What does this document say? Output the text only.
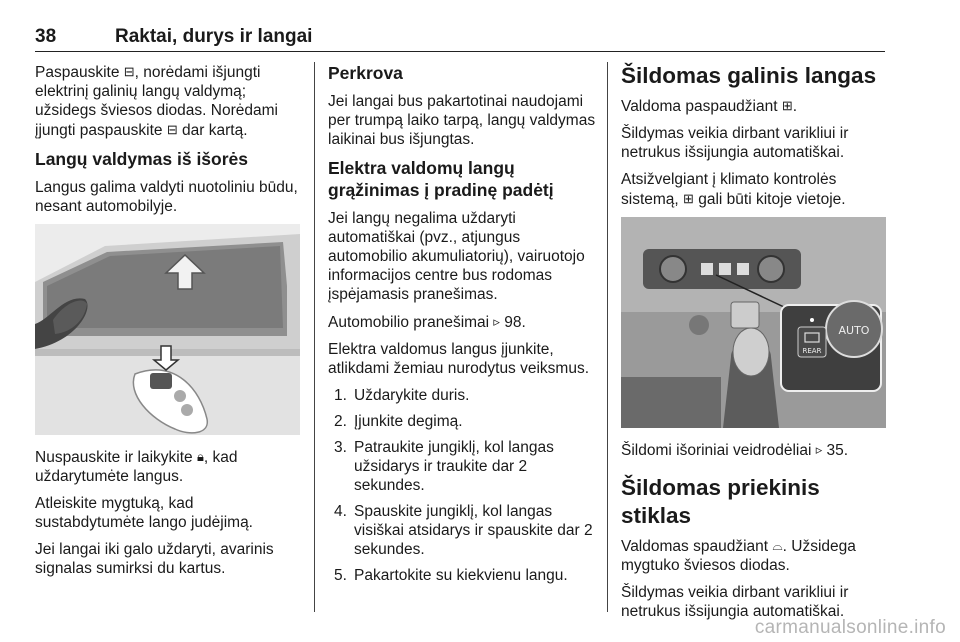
38	Raktai, durys ir langai

Paspauskite ⊟, norėdami išjungti elektrinį galinių langų valdymą; užsidegs šviesos diodas. Norėdami įjungti paspauskite ⊟ dar kartą.

Langų valdymas iš išorės

Langus galima valdyti nuotoliniu būdu, nesant automobilyje.

Nuspauskite ir laikykite 🔒︎, kad uždarytumėte langus.

Atleiskite mygtuką, kad sustabdytumėte lango judėjimą.

Jei langai iki galo uždaryti, avarinis signalas sumirksi du kartus.

Perkrova

Jei langai bus pakartotinai naudojami per trumpą laiko tarpą, langų valdymas laikinai bus išjungtas.

Elektra valdomų langų grąžinimas į pradinę padėtį

Jei langų negalima uždaryti automatiškai (pvz., atjungus automobilio akumuliatorių), vairuotojo informacijos centre bus rodomas įspėjamasis pranešimas.

Automobilio pranešimai ▹ 98.

Elektra valdomus langus įjunkite, atlikdami žemiau nurodytus veiksmus.

1. Uždarykite duris.
2. Įjunkite degimą.
3. Patraukite jungiklį, kol langas užsidarys ir traukite dar 2 sekundes.
4. Spauskite jungiklį, kol langas visiškai atsidarys ir spauskite dar 2 sekundes.
5. Pakartokite su kiekvienu langu.
Šildomas galinis langas

Valdoma paspaudžiant ⊞.

Šildymas veikia dirbant varikliui ir netrukus išsijungia automatiškai.

Atsižvelgiant į klimato kontrolės sistemą, ⊞ gali būti kitoje vietoje.

AUTO
REAR

Šildomi išoriniai veidrodėliai ▹ 35.

Šildomas priekinis stiklas

Valdomas spaudžiant ⌓. Užsidega mygtuko šviesos diodas.

Šildymas veikia dirbant varikliui ir netrukus išsijungia automatiškai.

carmanualsonline.info
